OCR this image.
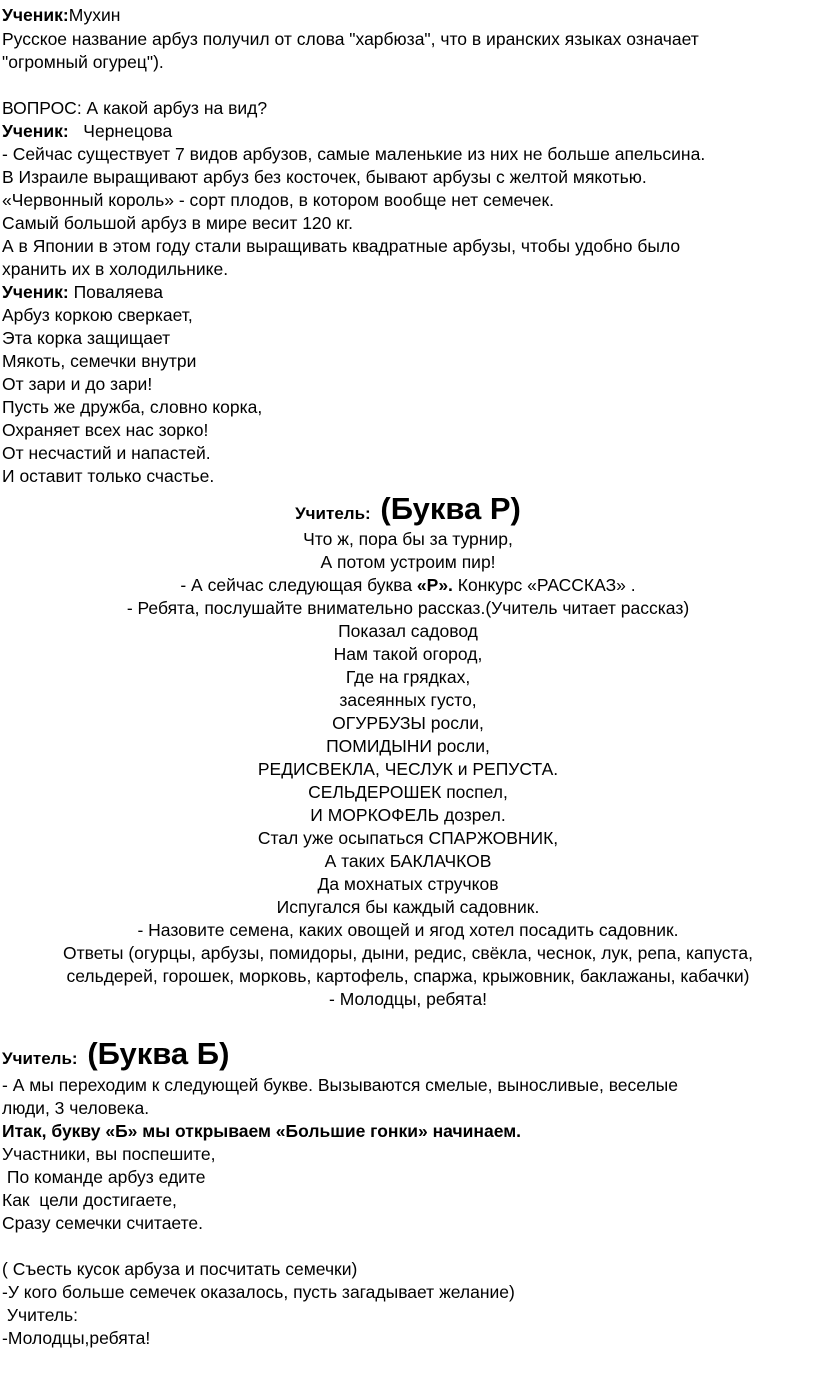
Ученик:Мухин
Русское название арбуз получил от слова "харбюза", что в иранских языках означает
"огромный огурец").
ВОПРОС: А какой арбуз на вид?
Ученик: Чернецова
- Сейчас существует 7 видов арбузов, самые маленькие из них не больше апельсина.
В Израиле выращивают арбуз без косточек, бывают арбузы с желтой мякотью.
«Червонный король» - сорт плодов, в котором вообще нет семечек.
Самый большой арбуз в мире весит 120 кг.
А в Японии в этом году стали выращивать квадратные арбузы, чтобы удобно было
хранить их в холодильнике.
Ученик: Поваляева
Арбуз коркою сверкает,
Эта корка защищает
Мякоть, семечки внутри
От зари и до зари!
Пусть же дружба, словно корка,
Охраняет всех нас зорко!
От несчастий и напастей.
И оставит только счастье.
Учитель: (Буква Р)
Что ж, пора бы за турнир,
А потом устроим пир!
- А сейчас следующая буква «Р». Конкурс «РАССКАЗ» .
- Ребята, послушайте внимательно рассказ.(Учитель читает рассказ)
Показал садовод
Нам такой огород,
Где на грядках,
засеянных густо,
ОГУРБУЗЫ росли,
ПОМИДЫНИ росли,
РЕДИСВЕКЛА, ЧЕСЛУК и РЕПУСТА.
СЕЛЬДЕРОШЕК поспел,
И МОРКОФЕЛЬ дозрел.
Стал уже осыпаться СПАРЖОВНИК,
А таких БАКЛАЧКОВ
Да мохнатых стручков
Испугался бы каждый садовник.
- Назовите семена, каких овощей и ягод хотел посадить садовник.
Ответы (огурцы, арбузы, помидоры, дыни, редис, свёкла, чеснок, лук, репа, капуста,
сельдерей, горошек, морковь, картофель, спаржа, крыжовник, баклажаны, кабачки)
- Молодцы, ребята!
Учитель: (Буква Б)
- А мы переходим к следующей букве. Вызываются смелые, выносливые, веселые
люди, 3 человека.
Итак, букву «Б» мы открываем «Большие гонки» начинаем.
Участники, вы поспешите,
По команде арбуз едите
Как  цели достигаете,
Сразу семечки считаете.
( Съесть кусок арбуза и посчитать семечки)
-У кого больше семечек оказалось, пусть загадывает желание)
Учитель:
-Молодцы,ребята!
